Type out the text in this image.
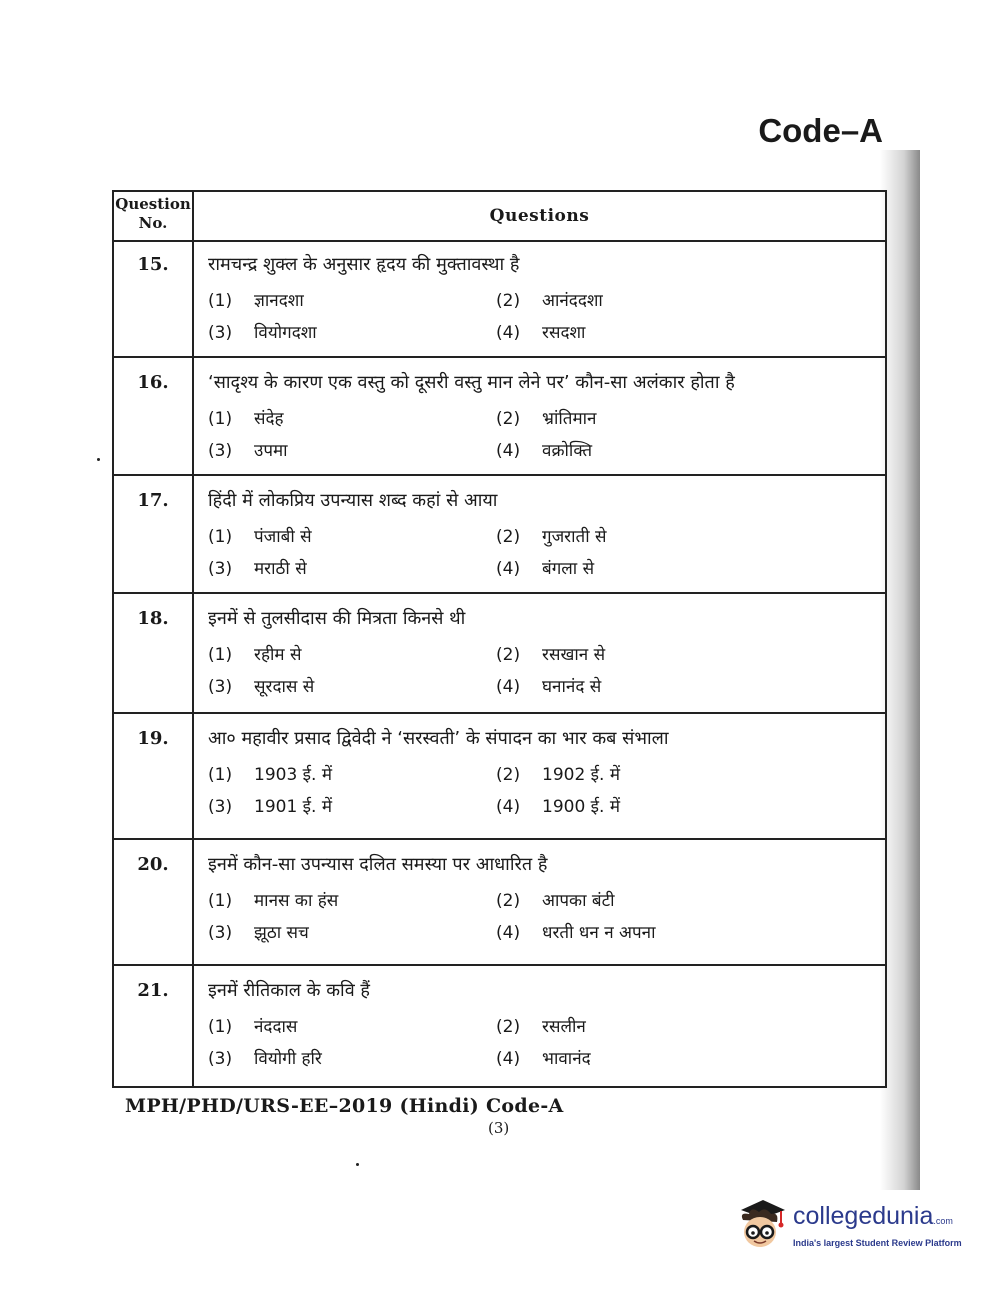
Code–A
Question
No.	Questions
15.	रामचन्द्र शुक्ल के अनुसार हृदय की मुक्तावस्था है
(1) ज्ञानदशा	(2) आनंददशा
(3) वियोगदशा	(4) रसदशा
16.	‘सादृश्य के कारण एक वस्तु को दूसरी वस्तु मान लेने पर’ कौन-सा अलंकार होता है
(1) संदेह	(2) भ्रांतिमान
(3) उपमा	(4) वक्रोक्ति
17.	हिंदी में लोकप्रिय उपन्यास शब्द कहां से आया
(1) पंजाबी से	(2) गुजराती से
(3) मराठी से	(4) बंगला से
18.	इनमें से तुलसीदास की मित्रता किनसे थी
(1) रहीम से	(2) रसखान से
(3) सूरदास से	(4) घनानंद से
19.	आ० महावीर प्रसाद द्विवेदी ने ‘सरस्वती’ के संपादन का भार कब संभाला
(1) 1903 ई. में	(2) 1902 ई. में
(3) 1901 ई. में	(4) 1900 ई. में
20.	इनमें कौन-सा उपन्यास दलित समस्या पर आधारित है
(1) मानस का हंस	(2) आपका बंटी
(3) झूठा सच	(4) धरती धन न अपना
21.	इनमें रीतिकाल के कवि हैं
(1) नंददास	(2) रसलीन
(3) वियोगी हरि	(4) भावानंद
MPH/PHD/URS-EE–2019 (Hindi) Code-A
(3)
collegedunia.com
India's largest Student Review Platform
